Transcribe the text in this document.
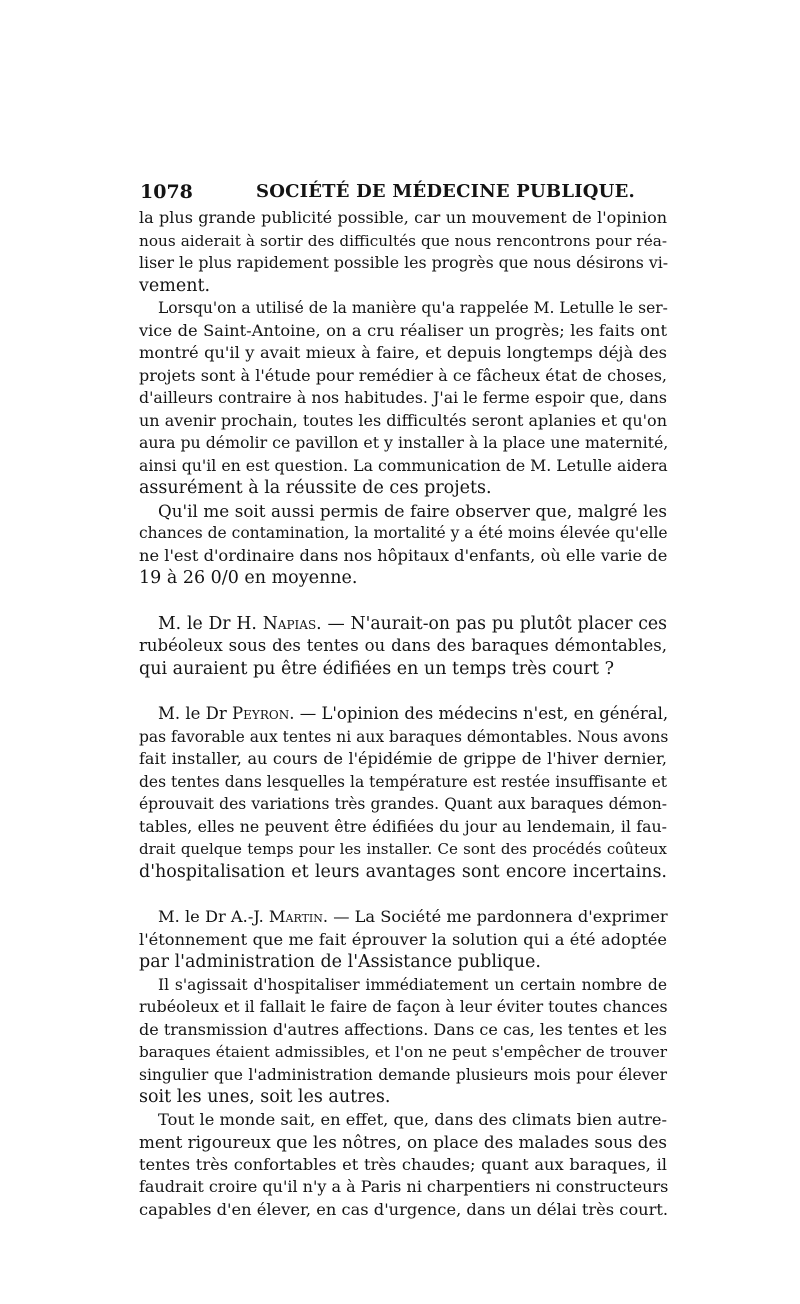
1078	SOCIÉTÉ DE MÉDECINE PUBLIQUE.
la plus grande publicité possible, car un mouvement de l'opinion
nous aiderait à sortir des difficultés que nous rencontrons pour réa-
liser le plus rapidement possible les progrès que nous désirons vi-
vement.
Lorsqu'on a utilisé de la manière qu'a rappelée M. Letulle le ser-
vice de Saint-Antoine, on a cru réaliser un progrès; les faits ont
montré qu'il y avait mieux à faire, et depuis longtemps déjà des
projets sont à l'étude pour remédier à ce fâcheux état de choses,
d'ailleurs contraire à nos habitudes. J'ai le ferme espoir que, dans
un avenir prochain, toutes les difficultés seront aplanies et qu'on
aura pu démolir ce pavillon et y installer à la place une maternité,
ainsi qu'il en est question. La communication de M. Letulle aidera
assurément à la réussite de ces projets.
Qu'il me soit aussi permis de faire observer que, malgré les
chances de contamination, la mortalité y a été moins élevée qu'elle
ne l'est d'ordinaire dans nos hôpitaux d'enfants, où elle varie de
19 à 26 0/0 en moyenne.
M. le Dr H. Napias. — N'aurait-on pas pu plutôt placer ces
rubéoleux sous des tentes ou dans des baraques démontables,
qui auraient pu être édifiées en un temps très court ?
M. le Dr Peyron. — L'opinion des médecins n'est, en général,
pas favorable aux tentes ni aux baraques démontables. Nous avons
fait installer, au cours de l'épidémie de grippe de l'hiver dernier,
des tentes dans lesquelles la température est restée insuffisante et
éprouvait des variations très grandes. Quant aux baraques démon-
tables, elles ne peuvent être édifiées du jour au lendemain, il fau-
drait quelque temps pour les installer. Ce sont des procédés coûteux
d'hospitalisation et leurs avantages sont encore incertains.
M. le Dr A.-J. Martin. — La Société me pardonnera d'exprimer
l'étonnement que me fait éprouver la solution qui a été adoptée
par l'administration de l'Assistance publique.
Il s'agissait d'hospitaliser immédiatement un certain nombre de
rubéoleux et il fallait le faire de façon à leur éviter toutes chances
de transmission d'autres affections. Dans ce cas, les tentes et les
baraques étaient admissibles, et l'on ne peut s'empêcher de trouver
singulier que l'administration demande plusieurs mois pour élever
soit les unes, soit les autres.
Tout le monde sait, en effet, que, dans des climats bien autre-
ment rigoureux que les nôtres, on place des malades sous des
tentes très confortables et très chaudes; quant aux baraques, il
faudrait croire qu'il n'y a à Paris ni charpentiers ni constructeurs
capables d'en élever, en cas d'urgence, dans un délai très court.
